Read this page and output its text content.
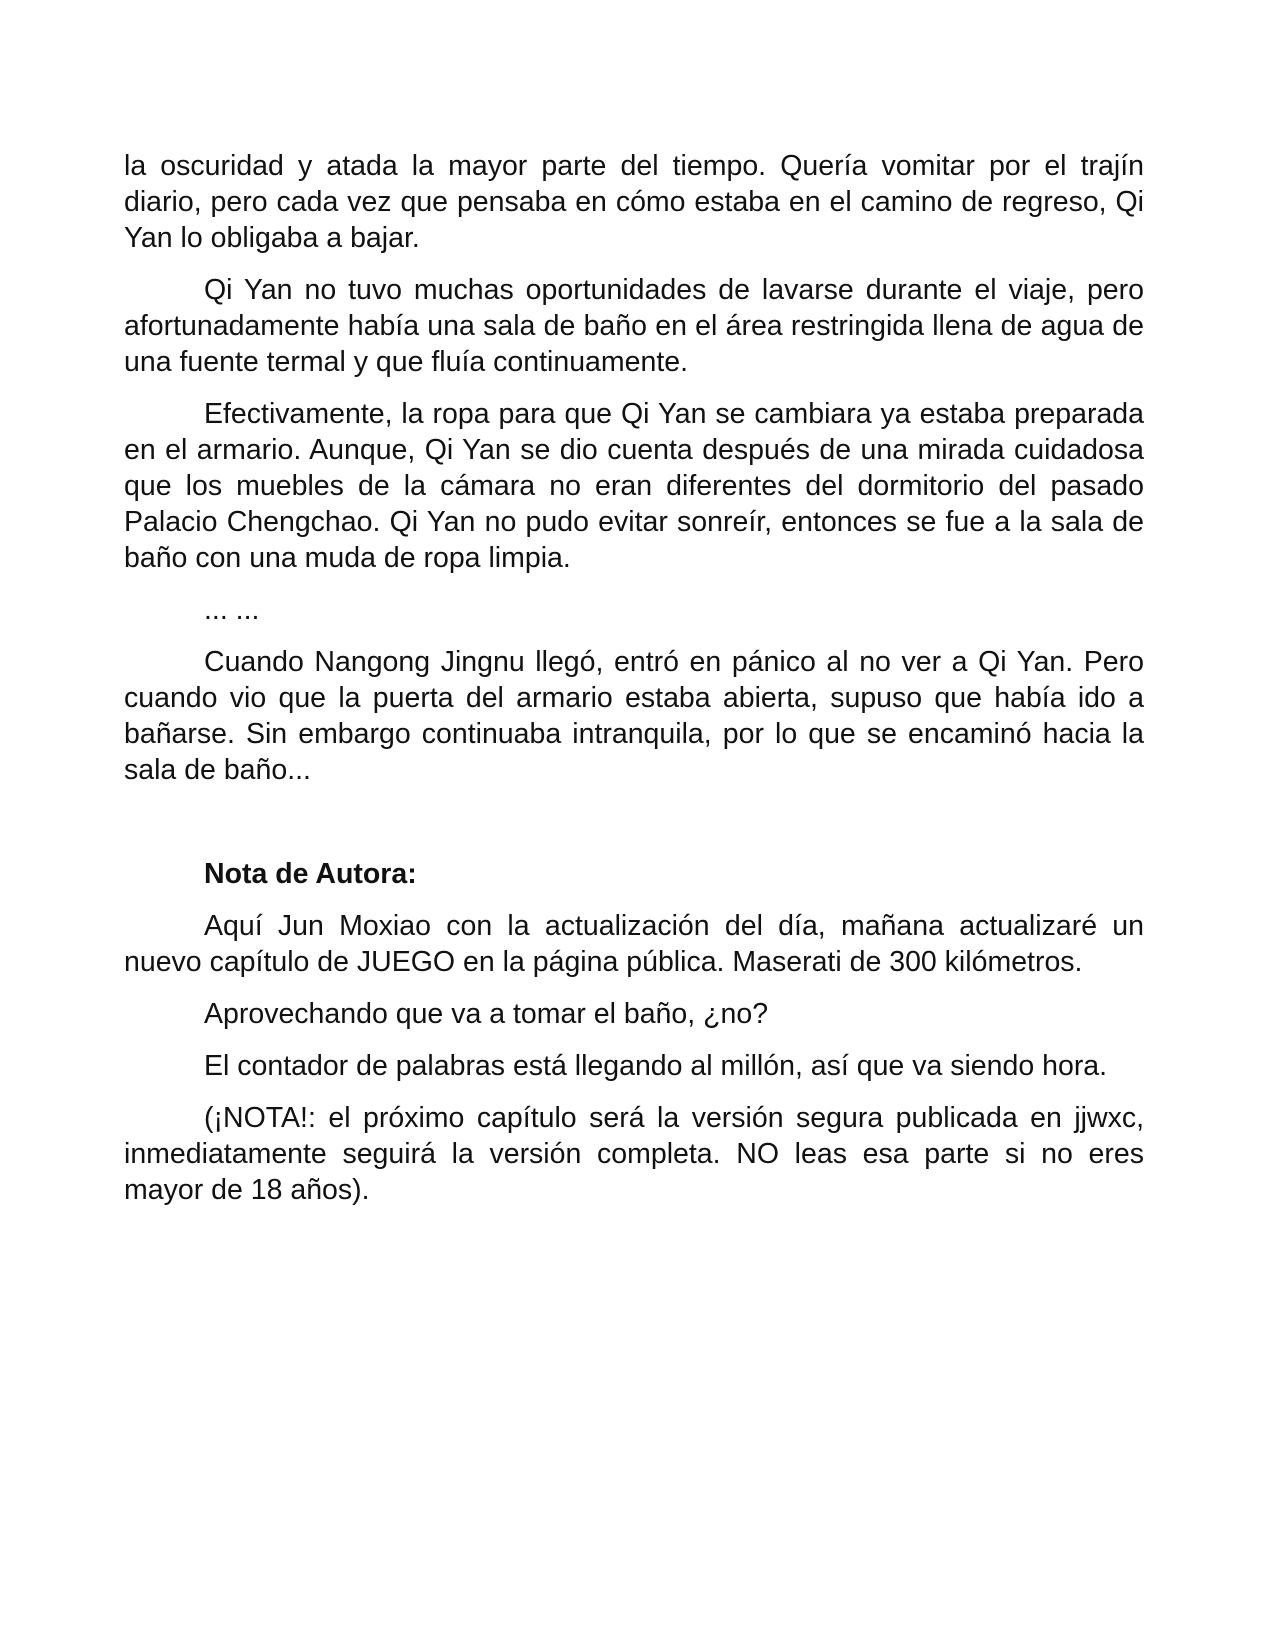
la oscuridad y atada la mayor parte del tiempo. Quería vomitar por el trajín diario, pero cada vez que pensaba en cómo estaba en el camino de regreso, Qi Yan lo obligaba a bajar.

Qi Yan no tuvo muchas oportunidades de lavarse durante el viaje, pero afortunadamente había una sala de baño en el área restringida llena de agua de una fuente termal y que fluía continuamente.

Efectivamente, la ropa para que Qi Yan se cambiara ya estaba preparada en el armario. Aunque, Qi Yan se dio cuenta después de una mirada cuidadosa que los muebles de la cámara no eran diferentes del dormitorio del pasado Palacio Chengchao. Qi Yan no pudo evitar sonreír, entonces se fue a la sala de baño con una muda de ropa limpia.

... ...

Cuando Nangong Jingnu llegó, entró en pánico al no ver a Qi Yan. Pero cuando vio que la puerta del armario estaba abierta, supuso que había ido a bañarse. Sin embargo continuaba intranquila, por lo que se encaminó hacia la sala de baño...

Nota de Autora:

Aquí Jun Moxiao con la actualización del día, mañana actualizaré un nuevo capítulo de JUEGO en la página pública. Maserati de 300 kilómetros.

Aprovechando que va a tomar el baño, ¿no?

El contador de palabras está llegando al millón, así que va siendo hora.

(¡NOTA!: el próximo capítulo será la versión segura publicada en jjwxc, inmediatamente seguirá la versión completa. NO leas esa parte si no eres mayor de 18 años).
